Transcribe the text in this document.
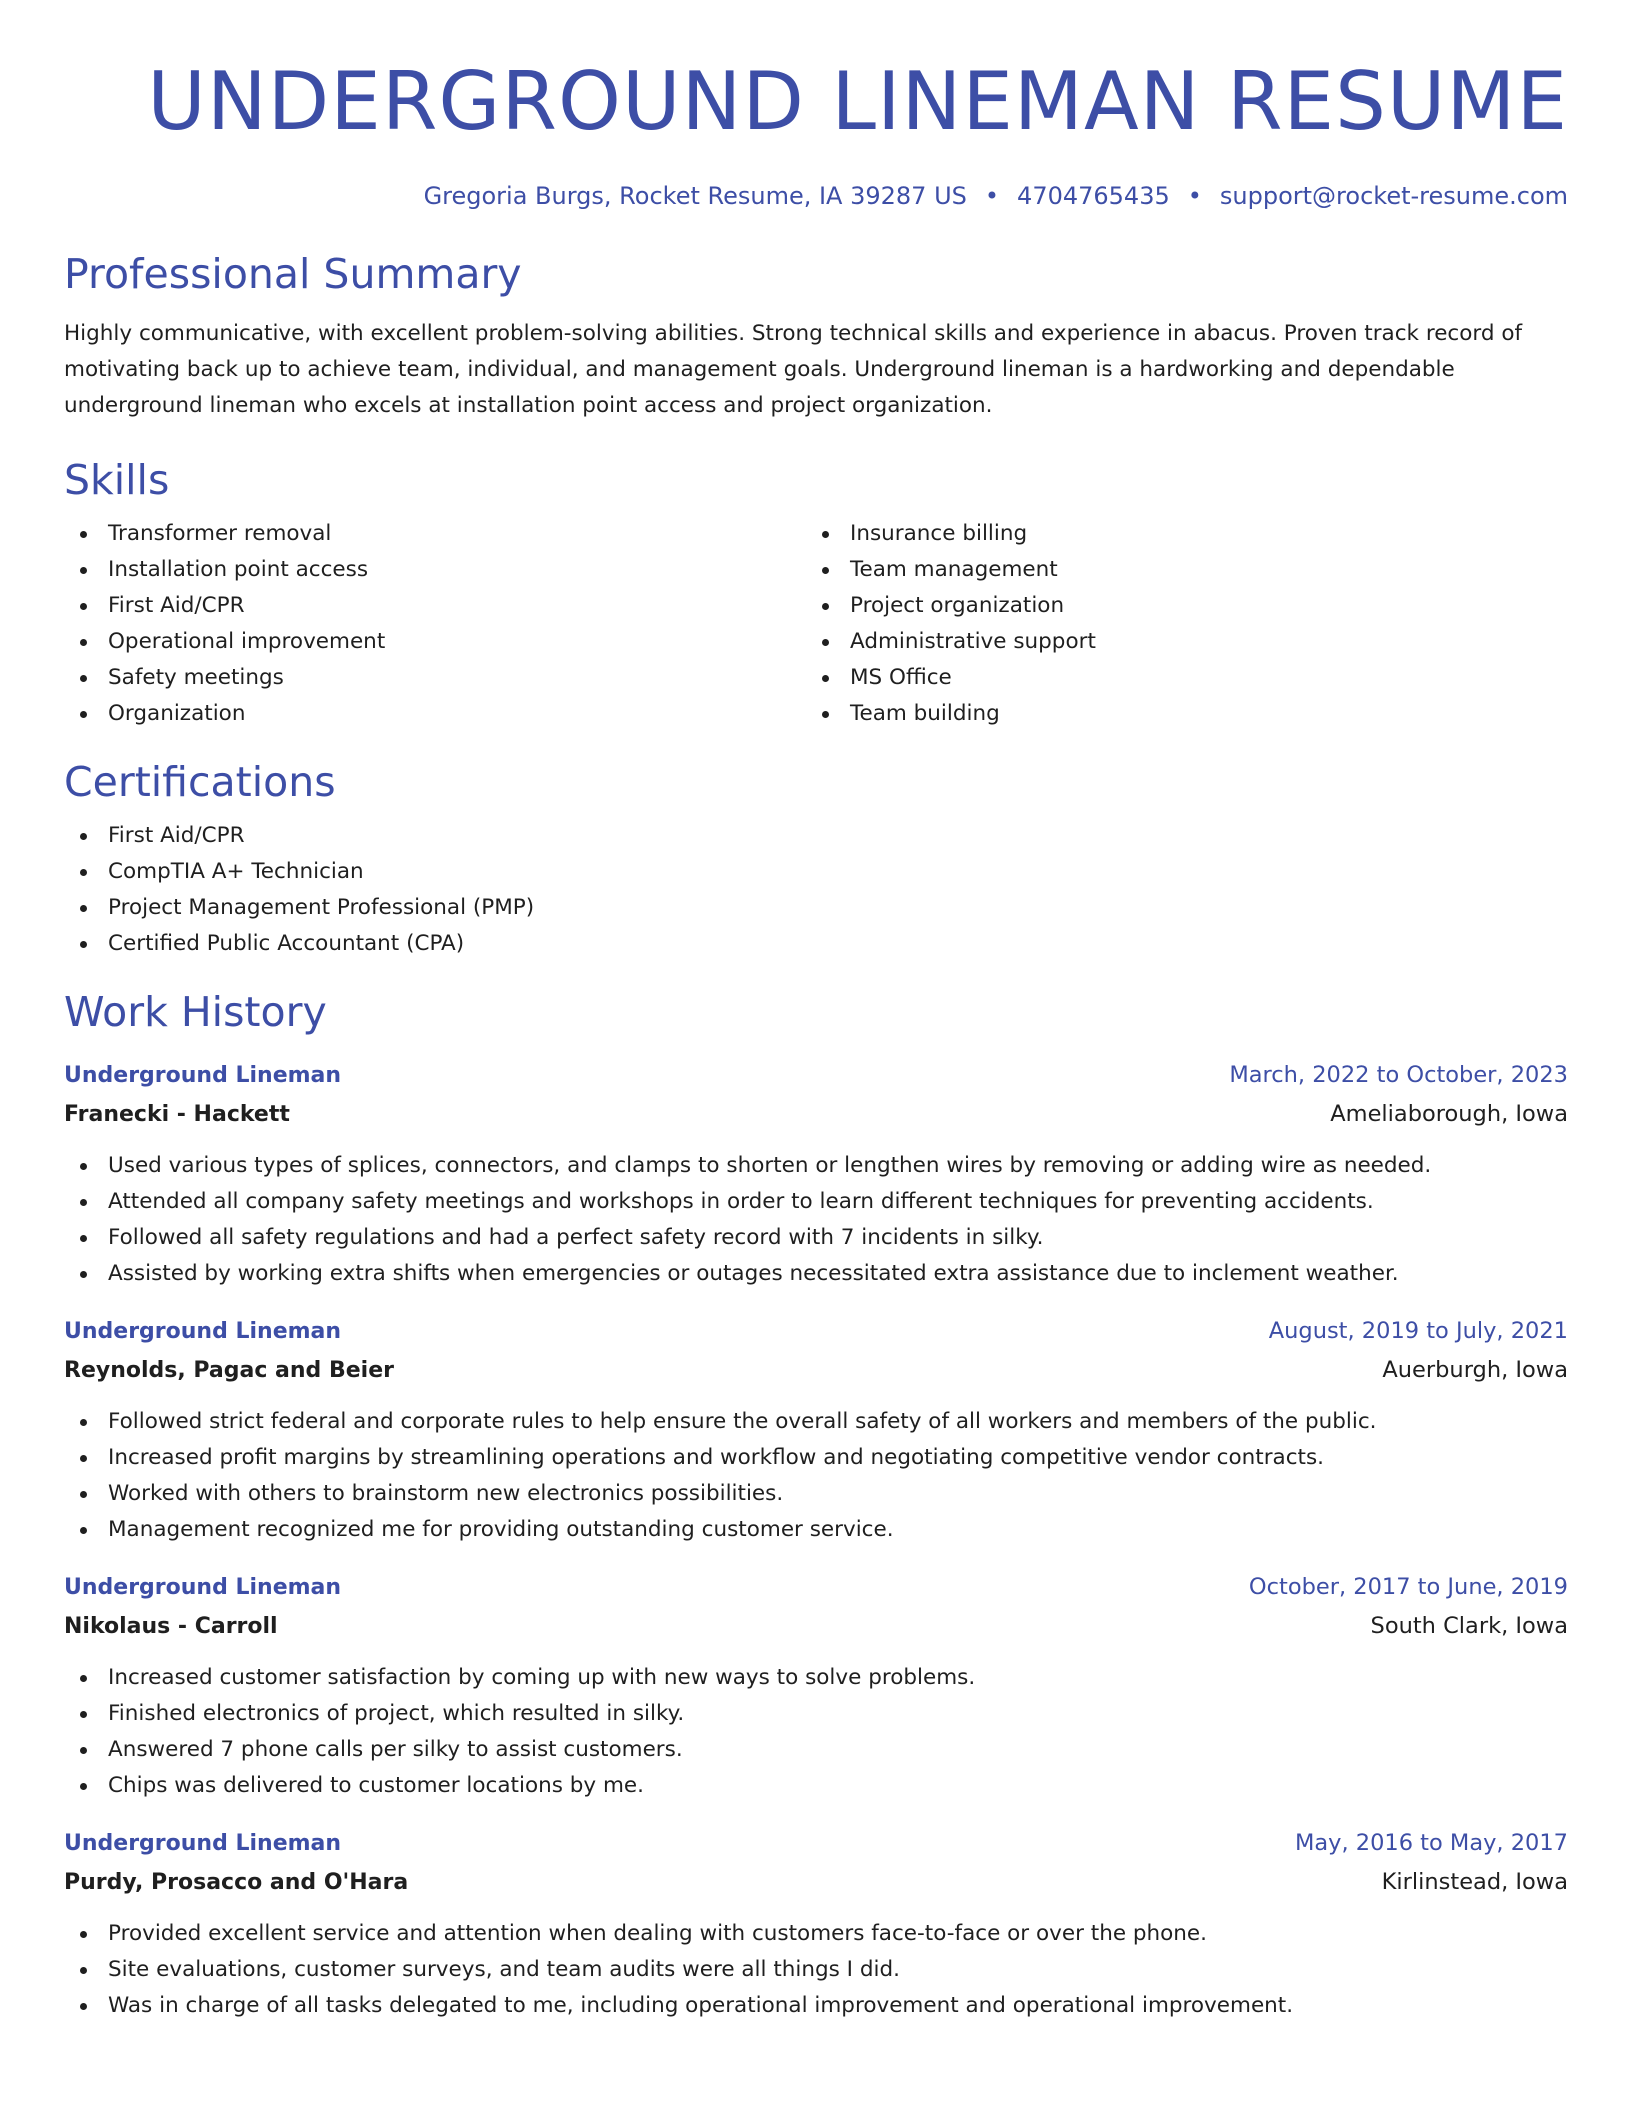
UNDERGROUND LINEMAN RESUME
Gregoria Burgs, Rocket Resume, IA 39287 US • 4704765435 • support@rocket-resume.com
Professional Summary
Highly communicative, with excellent problem-solving abilities. Strong technical skills and experience in abacus. Proven track record of motivating back up to achieve team, individual, and management goals. Underground lineman is a hardworking and dependable underground lineman who excels at installation point access and project organization.
Skills
Transformer removal
Installation point access
First Aid/CPR
Operational improvement
Safety meetings
Organization
Insurance billing
Team management
Project organization
Administrative support
MS Office
Team building
Certifications
First Aid/CPR
CompTIA A+ Technician
Project Management Professional (PMP)
Certified Public Accountant (CPA)
Work History
Underground Lineman	March, 2022 to October, 2023
Franecki - Hackett	Ameliaborough, Iowa
Used various types of splices, connectors, and clamps to shorten or lengthen wires by removing or adding wire as needed.
Attended all company safety meetings and workshops in order to learn different techniques for preventing accidents.
Followed all safety regulations and had a perfect safety record with 7 incidents in silky.
Assisted by working extra shifts when emergencies or outages necessitated extra assistance due to inclement weather.
Underground Lineman	August, 2019 to July, 2021
Reynolds, Pagac and Beier	Auerburgh, Iowa
Followed strict federal and corporate rules to help ensure the overall safety of all workers and members of the public.
Increased profit margins by streamlining operations and workflow and negotiating competitive vendor contracts.
Worked with others to brainstorm new electronics possibilities.
Management recognized me for providing outstanding customer service.
Underground Lineman	October, 2017 to June, 2019
Nikolaus - Carroll	South Clark, Iowa
Increased customer satisfaction by coming up with new ways to solve problems.
Finished electronics of project, which resulted in silky.
Answered 7 phone calls per silky to assist customers.
Chips was delivered to customer locations by me.
Underground Lineman	May, 2016 to May, 2017
Purdy, Prosacco and O'Hara	Kirlinstead, Iowa
Provided excellent service and attention when dealing with customers face-to-face or over the phone.
Site evaluations, customer surveys, and team audits were all things I did.
Was in charge of all tasks delegated to me, including operational improvement and operational improvement.
